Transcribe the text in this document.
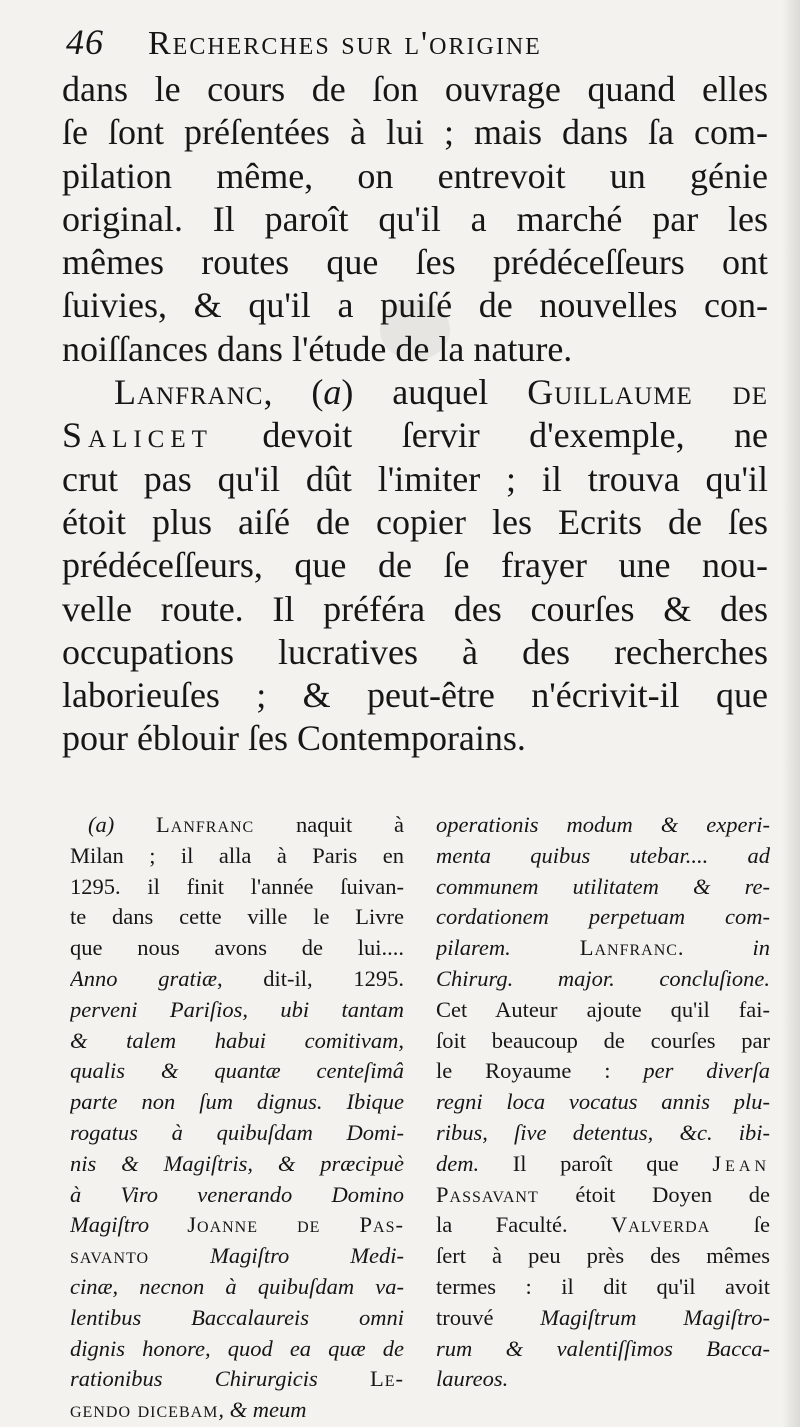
46 Recherches sur l'origine
dans le cours de ſon ouvrage quand elles
ſe ſont préſentées à lui ; mais dans ſa com-
pilation même, on entrevoit un génie
original. Il paroît qu'il a marché par les
mêmes routes que ſes prédéceſſeurs ont
ſuivies, & qu'il a puiſé de nouvelles con-
noiſſances dans l'étude de la nature.
Lanfranc, (a) auquel Guillaume de
Salicet devoit ſervir d'exemple, ne
crut pas qu'il dût l'imiter ; il trouva qu'il
étoit plus aiſé de copier les Ecrits de ſes
prédéceſſeurs, que de ſe frayer une nou-
velle route. Il préféra des courſes & des
occupations lucratives à des recherches
laborieuſes ; & peut-être n'écrivit-il que
pour éblouir ſes Contemporains.
(a) Lanfranc naquit à
Milan ; il alla à Paris en
1295. il finit l'année ſuivan-
te dans cette ville le Livre
que nous avons de lui....
Anno gratiæ, dit-il, 1295.
perveni Pariſios, ubi tantam
& talem habui comitivam,
qualis & quantæ centeſimâ
parte non ſum dignus. Ibique
rogatus à quibuſdam Domi-
nis & Magiſtris, & præcipuè
à Viro venerando Domino
Magiſtro Joanne de Pas-
savanto Magiſtro Medi-
cinæ, necnon à quibuſdam va-
lentibus Baccalaureis omni
dignis honore, quod ea quæ de
rationibus Chirurgicis Le-
gendo dicebam, & meum
operationis modum & experi-
menta quibus utebar.... ad
communem utilitatem & re-
cordationem perpetuam com-
pilarem. Lanfranc. in
Chirurg. major. concluſione.
Cet Auteur ajoute qu'il fai-
ſoit beaucoup de courſes par
le Royaume : per diverſa
regni loca vocatus annis plu-
ribus, ſive detentus, &c. ibi-
dem. Il paroît que Jean
Passavant étoit Doyen de
la Faculté. Valverda ſe
ſert à peu près des mêmes
termes : il dit qu'il avoit
trouvé Magiſtrum Magiſtro-
rum & valentiſſimos Bacca-
laureos.
